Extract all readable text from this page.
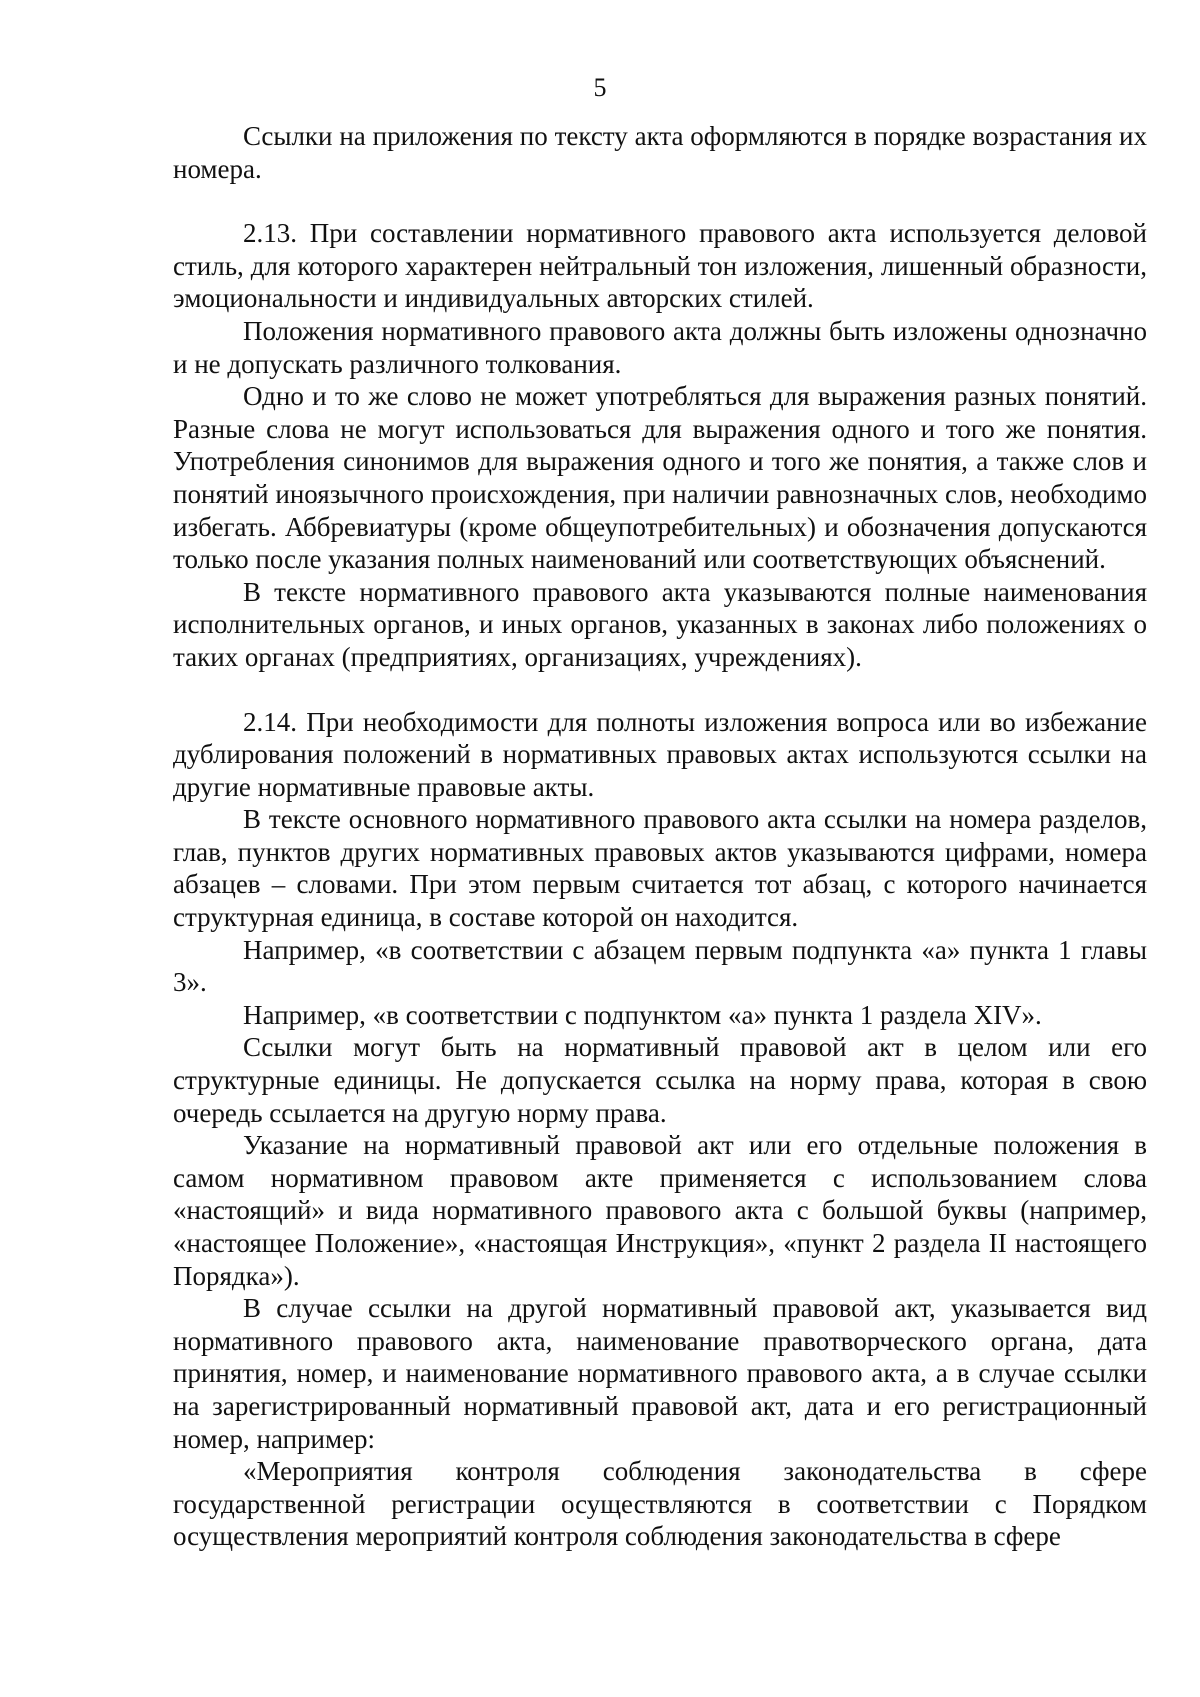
5

Ссылки на приложения по тексту акта оформляются в порядке возрастания их номера.

2.13. При составлении нормативного правового акта используется деловой стиль, для которого характерен нейтральный тон изложения, лишенный образности, эмоциональности и индивидуальных авторских стилей.

Положения нормативного правового акта должны быть изложены однозначно и не допускать различного толкования.

Одно и то же слово не может употребляться для выражения разных понятий. Разные слова не могут использоваться для выражения одного и того же понятия. Употребления синонимов для выражения одного и того же понятия, а также слов и понятий иноязычного происхождения, при наличии равнозначных слов, необходимо избегать. Аббревиатуры (кроме общеупотребительных) и обозначения допускаются только после указания полных наименований или соответствующих объяснений.

В тексте нормативного правового акта указываются полные наименования исполнительных органов, и иных органов, указанных в законах либо положениях о таких органах (предприятиях, организациях, учреждениях).

2.14. При необходимости для полноты изложения вопроса или во избежание дублирования положений в нормативных правовых актах используются ссылки на другие нормативные правовые акты.

В тексте основного нормативного правового акта ссылки на номера разделов, глав, пунктов других нормативных правовых актов указываются цифрами, номера абзацев – словами. При этом первым считается тот абзац, с которого начинается структурная единица, в составе которой он находится.

Например, «в соответствии с абзацем первым подпункта «а» пункта 1 главы 3».

Например, «в соответствии с подпунктом «а» пункта 1 раздела XIV».

Ссылки могут быть на нормативный правовой акт в целом или его структурные единицы. Не допускается ссылка на норму права, которая в свою очередь ссылается на другую норму права.

Указание на нормативный правовой акт или его отдельные положения в самом нормативном правовом акте применяется с использованием слова «настоящий» и вида нормативного правового акта с большой буквы (например, «настоящее Положение», «настоящая Инструкция», «пункт 2 раздела II настоящего Порядка»).

В случае ссылки на другой нормативный правовой акт, указывается вид нормативного правового акта, наименование правотворческого органа, дата принятия, номер, и наименование нормативного правового акта, а в случае ссылки на зарегистрированный нормативный правовой акт, дата и его регистрационный номер, например:

«Мероприятия контроля соблюдения законодательства в сфере государственной регистрации осуществляются в соответствии с Порядком осуществления мероприятий контроля соблюдения законодательства в сфере
